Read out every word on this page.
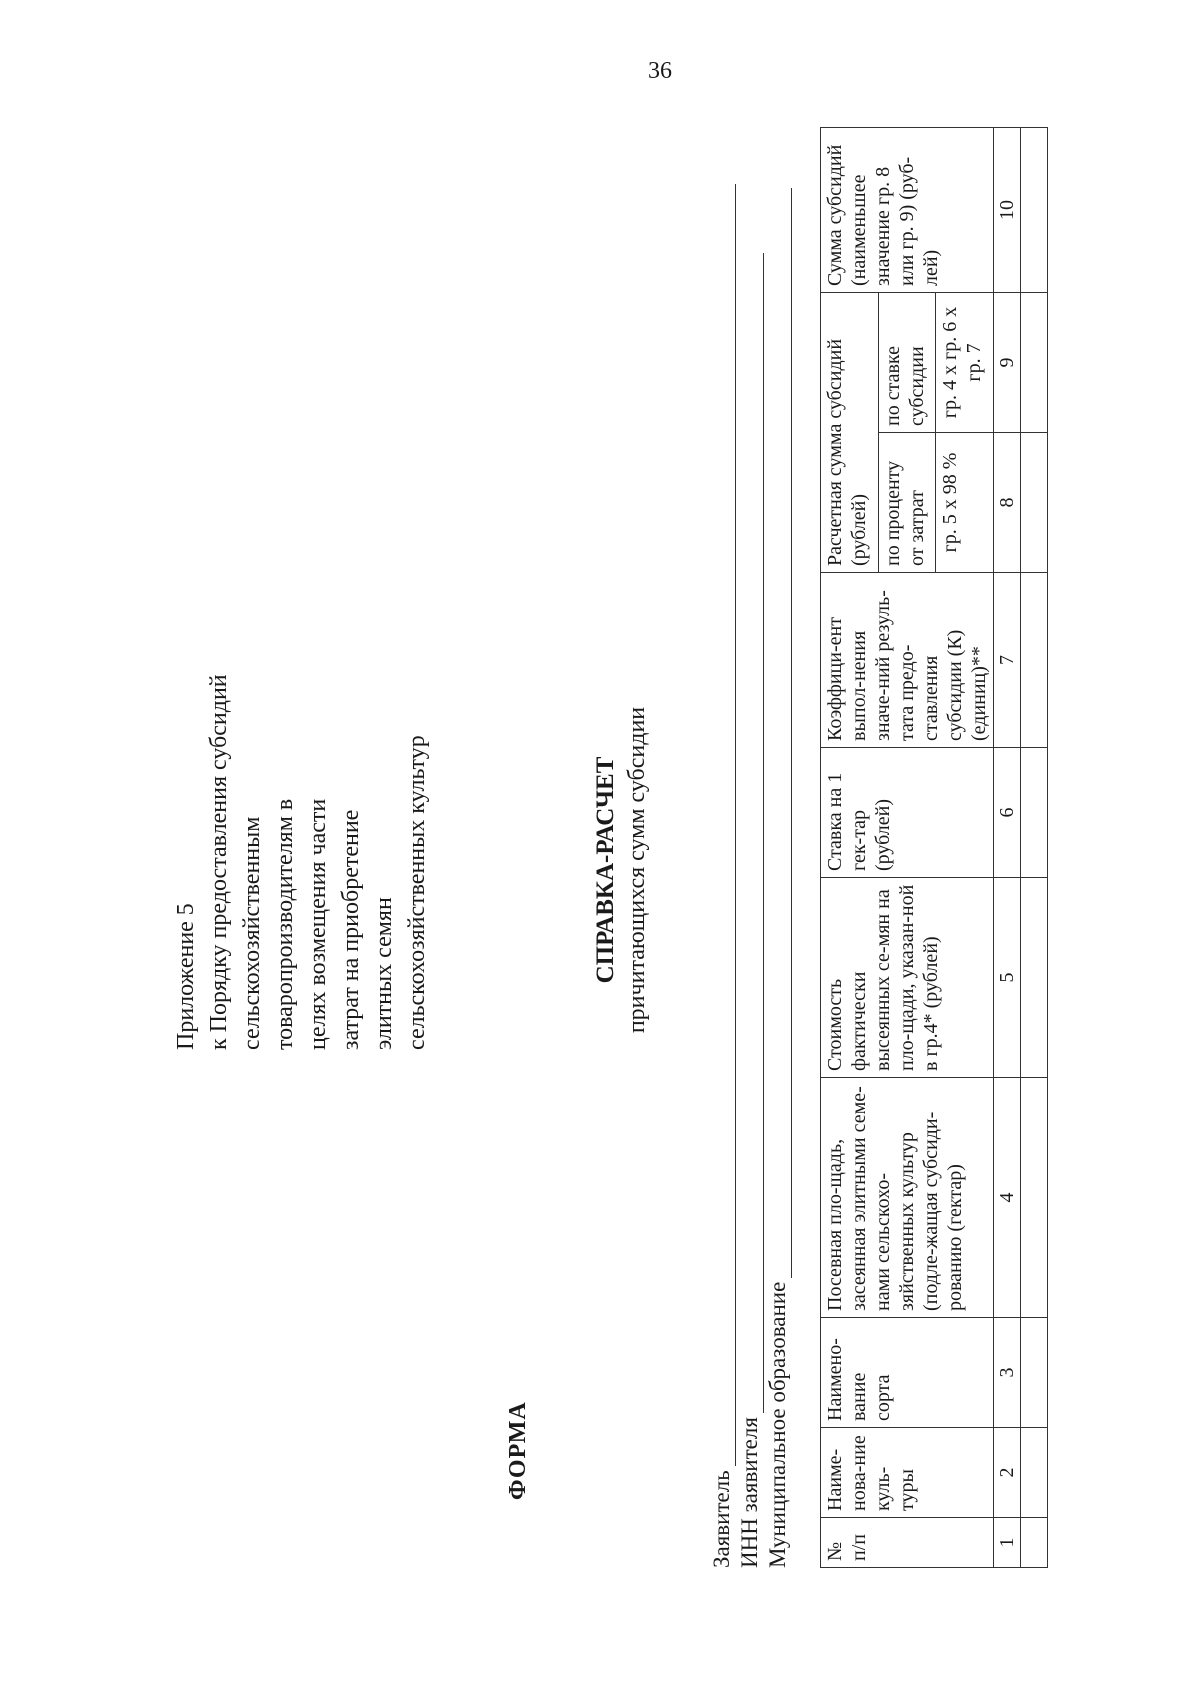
36
Приложение 5 к Порядку предоставления субсидий сельскохозяйственным товаропроизводителям в целях возмещения части затрат на приобретение элитных семян сельскохозяйственных культур
ФОРМА
СПРАВКА-РАСЧЕТ причитающихся сумм субсидии
Заявитель ИНН заявителя Муниципальное образование № п/п	Наиме-нова-ние куль-туры	Наимено-вание сорта	Посевная пло-щадь, засеянная элитными семе-нами сельскохо-зяйственных культур (подле-жащая субсиди-рованию (гектар)	Стоимость фактически высеянных се-мян на пло-щади, указан-ной в гр.4* (рублей)	Ставка на 1 гек-тар (рублей)	Коэффици-ент выпол-нения значе-ний резуль-тата предо-ставления субсидии (К) (единиц)**	Расчетная сумма субсидий (рублей)		Сумма субсидий (наименьшее значение гр. 8 или гр. 9) (руб-лей)
							по проценту от затрат	по ставке субсидии	
							гр. 5 х 98 %	гр. 4 х гр. 6 х гр. 7	
1	2	3	4	5	6	7	8	9	10
